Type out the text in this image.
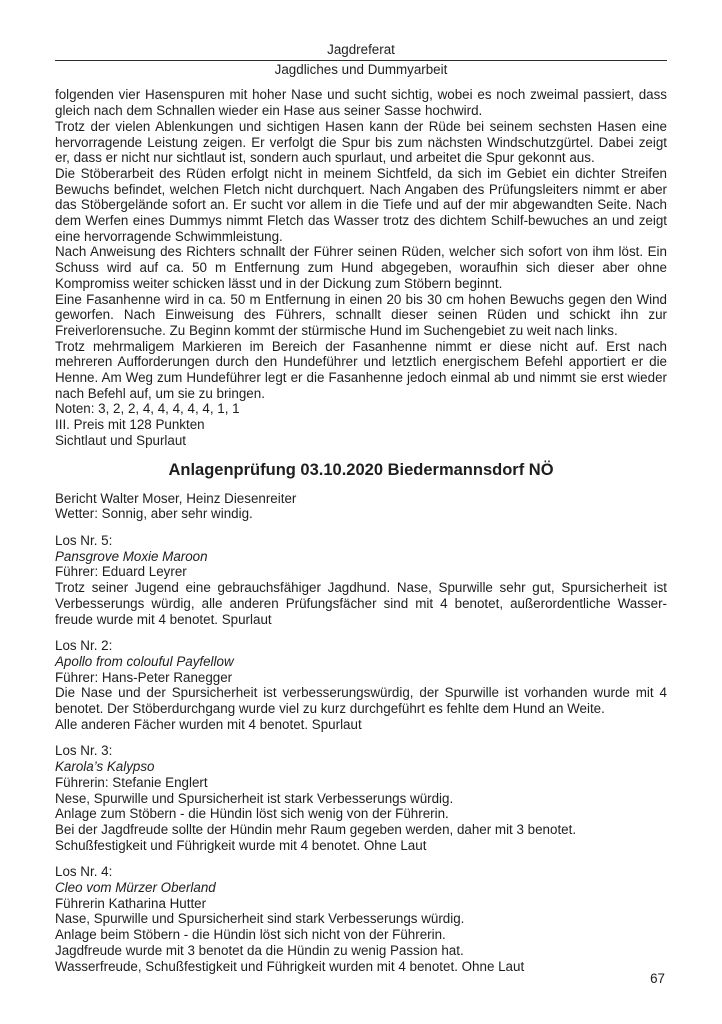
Jagdreferat
Jagdliches und Dummyarbeit

folgenden vier Hasenspuren mit hoher Nase und sucht sichtig, wobei es noch zweimal passiert, dass gleich nach dem Schnallen wieder ein Hase aus seiner Sasse hochwird.

Trotz der vielen Ablenkungen und sichtigen Hasen kann der Rüde bei seinem sechsten Hasen eine hervorragende Leistung zeigen. Er verfolgt die Spur bis zum nächsten Windschutzgürtel. Dabei zeigt er, dass er nicht nur sichtlaut ist, sondern auch spurlaut, und arbeitet die Spur gekonnt aus.

Die Stöberarbeit des Rüden erfolgt nicht in meinem Sichtfeld, da sich im Gebiet ein dichter Streifen Bewuchs befindet, welchen Fletch nicht durchquert. Nach Angaben des Prüfungsleiters nimmt er aber das Stöbergelände sofort an. Er sucht vor allem in die Tiefe und auf der mir abgewandten Seite. Nach dem Werfen eines Dummys nimmt Fletch das Wasser trotz des dichtem Schilf-bewuches an und zeigt eine hervorragende Schwimmleistung.

Nach Anweisung des Richters schnallt der Führer seinen Rüden, welcher sich sofort von ihm löst. Ein Schuss wird auf ca. 50 m Entfernung zum Hund abgegeben, woraufhin sich dieser aber ohne Kompromiss weiter schicken lässt und in der Dickung zum Stöbern beginnt.

Eine Fasanhenne wird in ca. 50 m Entfernung in einen 20 bis 30 cm hohen Bewuchs gegen den Wind geworfen. Nach Einweisung des Führers, schnallt dieser seinen Rüden und schickt ihn zur Freiverlorensuche. Zu Beginn kommt der stürmische Hund im Suchengebiet zu weit nach links.

Trotz mehrmaligem Markieren im Bereich der Fasanhenne nimmt er diese nicht auf. Erst nach mehreren Aufforderungen durch den Hundeführer und letztlich energischem Befehl apportiert er die Henne. Am Weg zum Hundeführer legt er die Fasanhenne jedoch einmal ab und nimmt sie erst wieder nach Befehl auf, um sie zu bringen.

Noten: 3, 2, 2, 4, 4, 4, 4, 4, 1, 1

III. Preis mit 128 Punkten

Sichtlaut und Spurlaut

Anlagenprüfung 03.10.2020 Biedermannsdorf NÖ

Bericht Walter Moser, Heinz Diesenreiter

Wetter: Sonnig, aber sehr windig.

Los Nr. 5:
Pansgrove Moxie Maroon
Führer: Eduard Leyrer
Trotz seiner Jugend eine gebrauchsfähiger Jagdhund. Nase, Spurwille sehr gut, Spursicherheit ist Verbesserungs würdig, alle anderen Prüfungsfächer sind mit 4 benotet, außerordentliche Wasser-freude wurde mit 4 benotet. Spurlaut
Los Nr. 2:
Apollo from colouful Payfellow
Führer: Hans-Peter Ranegger
Die Nase und der Spursicherheit ist verbesserungswürdig, der Spurwille ist vorhanden wurde mit 4 benotet. Der Stöberdurchgang wurde viel zu kurz durchgeführt es fehlte dem Hund an Weite.
Alle anderen Fächer wurden mit 4 benotet. Spurlaut
Los Nr. 3:
Karola’s Kalypso
Führerin: Stefanie Englert
Nese, Spurwille und Spursicherheit ist stark Verbesserungs würdig.
Anlage zum Stöbern - die Hündin löst sich wenig von der Führerin.
Bei der Jagdfreude sollte der Hündin mehr Raum gegeben werden, daher mit 3 benotet.
Schußfestigkeit und Führigkeit wurde mit 4 benotet. Ohne Laut
Los Nr. 4:
Cleo vom Mürzer Oberland
Führerin Katharina Hutter
Nase, Spurwille und Spursicherheit sind stark Verbesserungs würdig.
Anlage beim Stöbern - die Hündin löst sich nicht von der Führerin.
Jagdfreude wurde mit 3 benotet da die Hündin zu wenig Passion hat.
Wasserfreude, Schußfestigkeit und Führigkeit wurden mit 4 benotet. Ohne Laut
67
